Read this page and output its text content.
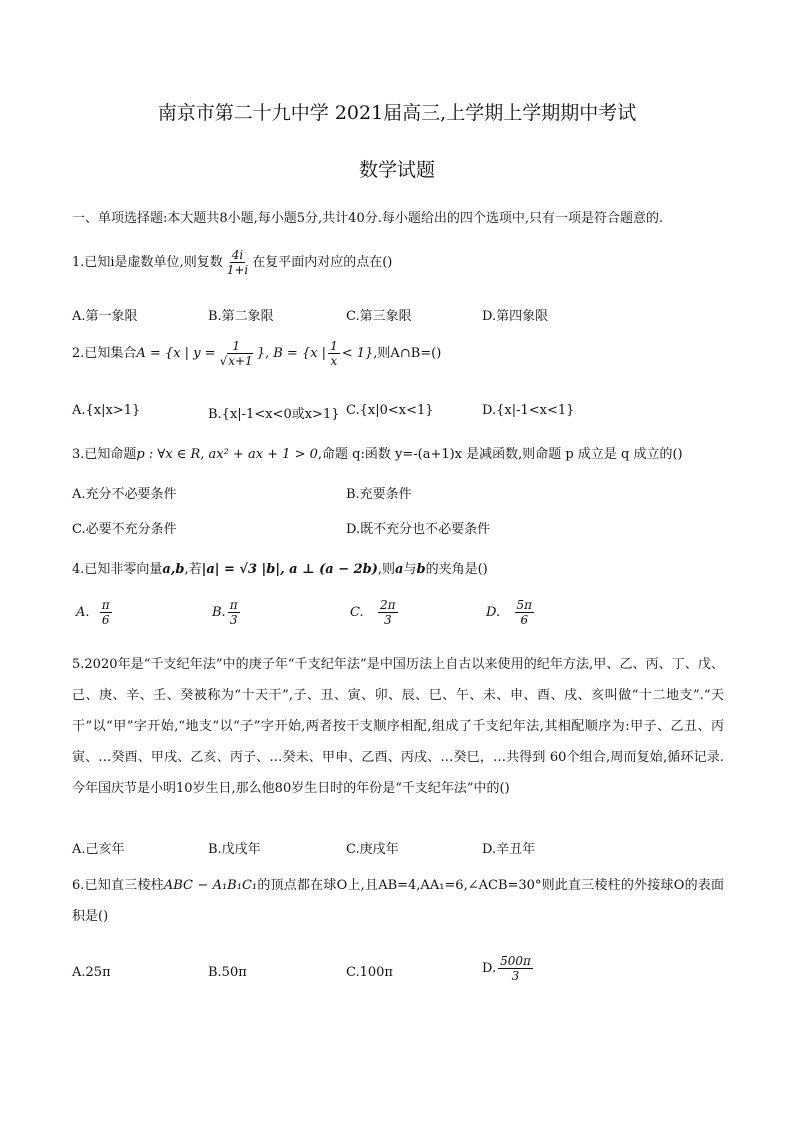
南京市第二十九中学 2021届高三,上学期上学期期中考试
数学试题
一、单项选择题:本大题共8小题,每小题5分,共计40分.每小题给出的四个选项中,只有一项是符合题意的.
1.已知i是虚数单位,则复数 $\frac{4i}{1+i}$ 在复平面内对应的点在()
A.第一象限	B.第二象限	C.第三象限	D.第四象限
2.已知集合A = {x | $y = \frac{1}{√x+1}$ }, B = {x | $\frac{1}{x} < 1$},则A∩B=()
A.{x|x>1}	B.{x|-1<x<0或x>1} C.{x|0<x<1}	D.{x|-1<x<1}
3.已知命题p : ∀x ∈ R, ax² + ax + 1 > 0,命题 q:函数 y=-(a+1)x 是减函数,则命题 p 成立是 q 成立的()
A.充分不必要条件	B.充要条件
C.必要不充分条件	D.既不充分也不必要条件
4.已知非零向量a,b,若|a| = √3 |b|, a ⊥ (a − 2b),则a与b的夹角是()
A. $\frac{\pi}{6}$	B. $\frac{\pi}{3}$	C. $\frac{2\pi}{3}$	D. $\frac{5\pi}{6}$
5.2020年是“千支纪年法”中的庚子年“千支纪年法”是中国历法上自古以来使用的纪年方法,甲、乙、丙、丁、戊、己、庚、辛、壬、癸被称为“十天干”,子、丑、寅、卯、辰、巳、午、未、申、酉、戌、亥叫做“十二地支”.“天干”以“甲”字开始,“地支”以“子”字开始,两者按干支顺序相配,组成了千支纪年法,其相配顺序为:甲子、乙丑、丙寅、…癸酉、甲戌、乙亥、丙子、…癸未、甲申、乙酉、丙戌、…癸巳，…共得到 60个组合,周而复始,循环记录.今年国庆节是小明10岁生日,那么他80岁生日时的年份是“千支纪年法”中的()
A.己亥年	B.戊戌年	C.庚戌年	D.辛丑年
6.已知直三棱柱ABC − A₁B₁C₁的顶点都在球O上,且AB=4,AA₁=6,∠ACB=30°则此直三棱柱的外接球O的表面积是()
A.25π	B.50π	C.100π	D. $\frac{500\pi}{3}$
